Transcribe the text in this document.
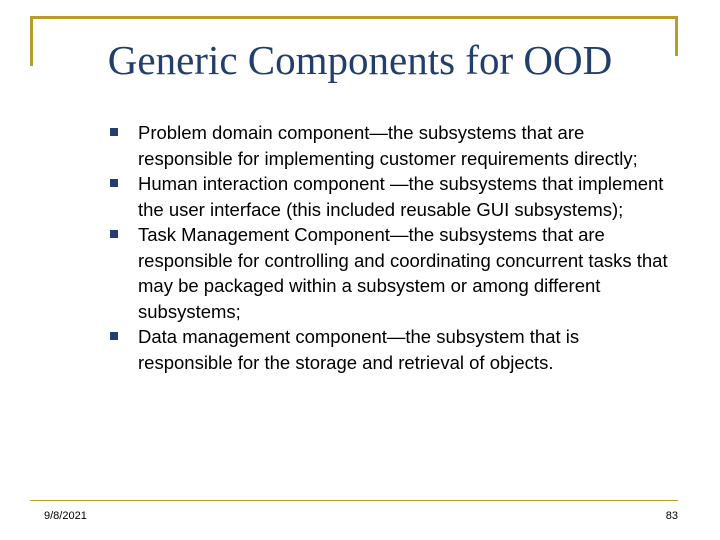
Generic Components for OOD
Problem domain component—the subsystems that are responsible for implementing customer requirements directly;
Human interaction component —the subsystems that implement the user interface (this included reusable GUI subsystems);
Task Management Component—the subsystems that are responsible for controlling and coordinating concurrent tasks that may be packaged within a subsystem or among different subsystems;
Data management component—the subsystem that is responsible for the storage and retrieval of objects.
9/8/2021	83
